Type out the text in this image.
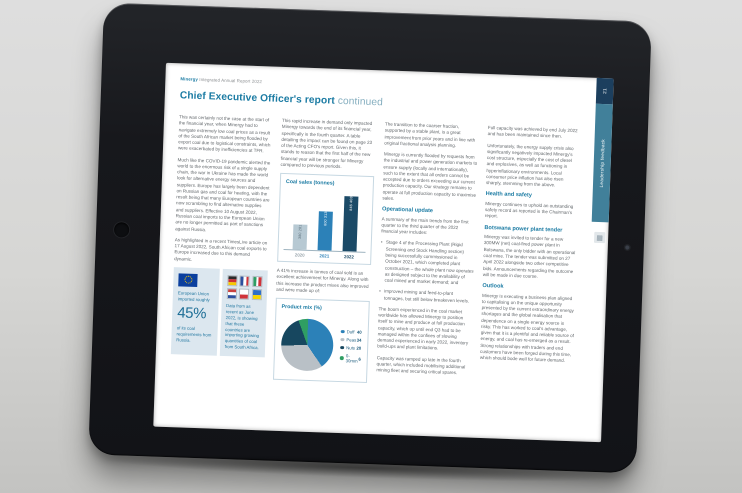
Minergy Integrated Annual Report 2022
Chief Executive Officer's report continued

This was certainly not the case at the start of the financial year, when Minergy had to navigate extremely low coal prices as a result of the South African market being flooded by export coal due to logistical constraints, which were exacerbated by inefficiencies at TFR.

Much like the COVID-19 pandemic alerted the world to the enormous risk of a single supply chain, the war in Ukraine has made the world look for alternative energy sources and suppliers. Europe has largely been dependent on Russian gas and coal for heating, with the result being that many European countries are now scrambling to find alternative supplies and suppliers. Effective 10 August 2022, Russian coal imports to the European Union are no longer permitted as part of sanctions against Russia.

As highlighted in a recent TimesLive article on 17 August 2022, South African coal exports to Europe increased due to this demand dynamic.

European Union imported roughly
45%
of its coal requirements from Russia.
Data from as recent as June 2022, is showing that these countries are importing growing quantities of coal from South Africa.

This rapid increase in demand only impacted Minergy towards the end of its financial year, specifically in the fourth quarter. A table detailing the impact can be found on page 23 of the Acting CFO's report. Given this, it stands to reason that the first half of the new financial year will be stronger for Minergy compared to previous periods.

Coal sales (tonnes)
380 281
600 313
846 408
2020	2021	2022

A 41% increase in tonnes of coal sold is an excellent achievement for Minergy. Along with this increase the product mixes also improved and were made up of:

Product mix (%)
Duff 40
Peas 34
Nuts 20
0-30mm 6

The transition to the coarser fraction, supported by a stable plant, is a great improvement from prior years and in line with original fractional analysis planning.

Minergy is currently flooded by requests from the industrial and power generation markets to ensure supply (locally and internationally), such to the extent that all orders cannot be accepted due to orders exceeding our current production capacity. Our strategy remains to operate at full production capacity to maximise sales.

Operational update

A summary of the main trends from the first quarter to the third quarter of the 2022 financial year includes:

• Stage 4 of the Processing Plant (Rigid Screening and Stock Handling section) being successfully commissioned in October 2021, which completed plant construction – the whole plant now operates as designed subject to the availability of coal mined and market demand; and
• improved mining and feed-to-plant tonnages, but still below breakeven levels.

The boom experienced in the coal market worldwide has allowed Minergy to position itself to mine and produce at full production capacity, which up until end Q3 had to be managed within the confines of slowing demand experienced in early 2022, inventory build-ups and plant limitations.

Capacity was ramped up late in the fourth quarter, which included mobilising additional mining fleet and securing critical spares.

Full capacity was achieved by end July 2022 and has been maintained since then.

Unfortunately, the energy supply crisis also significantly negatively impacted Minergy's cost structure, especially the cost of diesel and explosives, as well as functioning in hyperinflationary environments. Local consumer price inflation has also risen sharply, stemming from the above.

Health and safety

Minergy continues to uphold an outstanding safety record as reported in the Chairman's report.

Botswana power plant tender

Minergy was invited to tender for a new 300MW (net) coal-fired power plant in Botswana, the only bidder with an operational coal mine. The tender was submitted on 27 April 2022 alongside two other competitive bids. Announcements regarding the outcome will be made in due course.

Outlook

Minergy is executing a business plan aligned to capitalising on the unique opportunity presented by the current extraordinary energy shortages and the global realisation that dependence on a single energy source is risky. This has worked to coal's advantage, given that it is a plentiful and reliable source of energy, and coal has re-emerged as a result. Strong relationships with traders and end customers have been forged during this time, which should bode well for future demand.

21
Leadership feedback
▦
